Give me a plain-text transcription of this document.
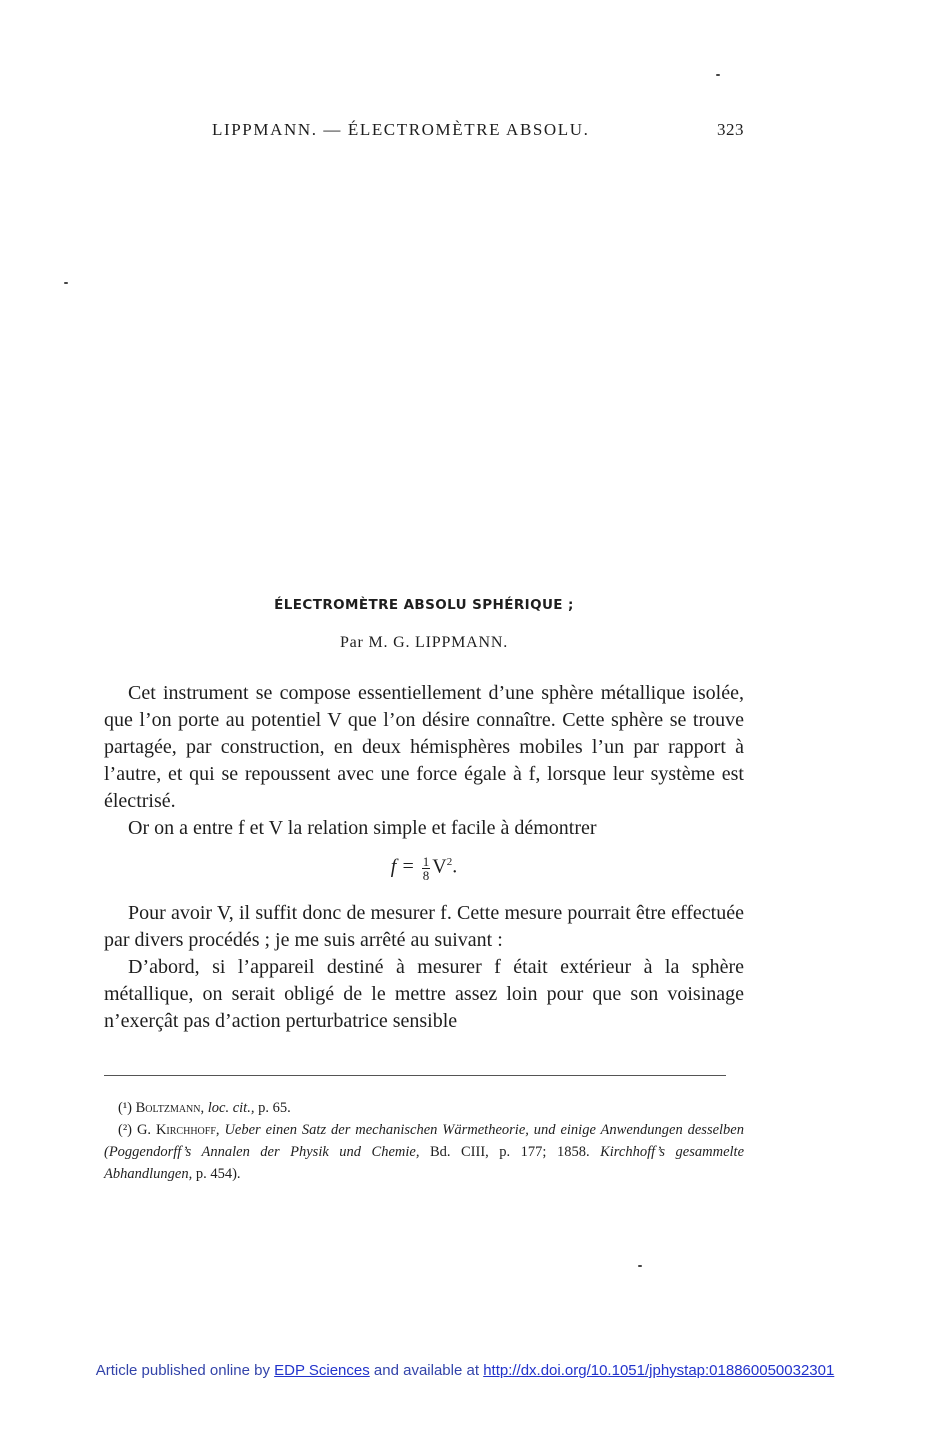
LIPPMANN. — ÉLECTROMÈTRE ABSOLU.	323
ÉLECTROMÈTRE ABSOLU SPHÉRIQUE ;
Par M. G. LIPPMANN.

Cet instrument se compose essentiellement d’une sphère métallique isolée, que l’on porte au potentiel V que l’on désire connaître. Cette sphère se trouve partagée, par construction, en deux hémisphères mobiles l’un par rapport à l’autre, et qui se repoussent avec une force égale à f, lorsque leur système est électrisé.

Or on a entre f et V la relation simple et facile à démontrer

$f = \frac{1}{8} V^2$.

Pour avoir V, il suffit donc de mesurer f. Cette mesure pourrait être effectuée par divers procédés ; je me suis arrêté au suivant :

D’abord, si l’appareil destiné à mesurer f était extérieur à la sphère métallique, on serait obligé de le mettre assez loin pour que son voisinage n’exerçât pas d’action perturbatrice sensible

(¹) Boltzmann, loc. cit., p. 65.

(²) G. Kirchhoff, Ueber einen Satz der mechanischen Wärmetheorie, und einige Anwendungen desselben (Poggendorff’s Annalen der Physik und Chemie, Bd. CIII, p. 177; 1858. Kirchhoff’s gesammelte Abhandlungen, p. 454).

Article published online by EDP Sciences and available at http://dx.doi.org/10.1051/jphystap:018860050032301
